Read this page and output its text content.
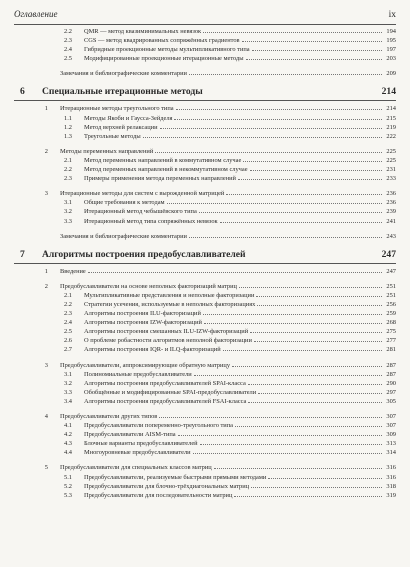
Оглавление	ix
2.2	QMR — метод квазиминимальных невязок	194
2.3	CGS — метод квадрированных сопряжённых градиентов	195
2.4	Гибридные проекционные методы мультипликативного типа	197
2.5	Модифицированные проекционные итерационные методы	203
Замечания и библиографические комментарии	209
6	Специальные итерационные методы	214
1	Итерационные методы треугольного типа	214
1.1	Методы Якоби и Гаусса-Зейделя	215
1.2	Метод верхней релаксации	219
1.3	Треугольные методы	222
2	Методы переменных направлений	225
2.1	Метод переменных направлений в коммутативном случае	225
2.2	Метод переменных направлений в некоммутативном случае	231
2.3	Примеры применения метода переменных направлений	233
3	Итерационные методы для систем с вырожденной матрицей	236
3.1	Общие требования к методам	236
3.2	Итерационный метод чебышёвского типа	239
3.3	Итерационный метод типа сопряжённых невязок	241
Замечания и библиографические комментарии	243
7	Алгоритмы построения предобуславливателей	247
1	Введение	247
2	Предобуславливатели на основе неполных факторизаций матриц	251
2.1	Мультипликативные представления и неполные факторизации	251
2.2	Стратегии усечения, используемые в неполных факторизациях	256
2.3	Алгоритмы построения ILU-факторизаций	259
2.4	Алгоритмы построения IZW-факторизаций	268
2.5	Алгоритмы построения смешанных ILU-IZW-факторизаций	275
2.6	О проблеме робастности алгоритмов неполной факторизации	277
2.7	Алгоритмы построения IQR- и ILQ-факторизаций	281
3	Предобуславливатели, аппроксимирующие обратную матрицу	287
3.1	Полиномиальные предобуславливатели	287
3.2	Алгоритмы построения предобуславливателей SPAI-класса	290
3.3	Обобщённые и модифицированные SPAI-предобуславливатели	297
3.4	Алгоритмы построения предобуславливателей FSAI-класса	305
4	Предобуславливатели других типов	307
4.1	Предобуславливатели попеременно-треугольного типа	307
4.2	Предобуславливатели AISM-типа	309
4.3	Блочные варианты предобуславливателей	313
4.4	Многоуровневые предобуславливатели	314
5	Предобуславливатели для специальных классов матриц	316
5.1	Предобуславливатели, реализуемые быстрыми прямыми методами	316
5.2	Предобуславливатели для блочно-трёхдиагональных матриц	318
5.3	Предобуславливатели для последовательности матриц	319
